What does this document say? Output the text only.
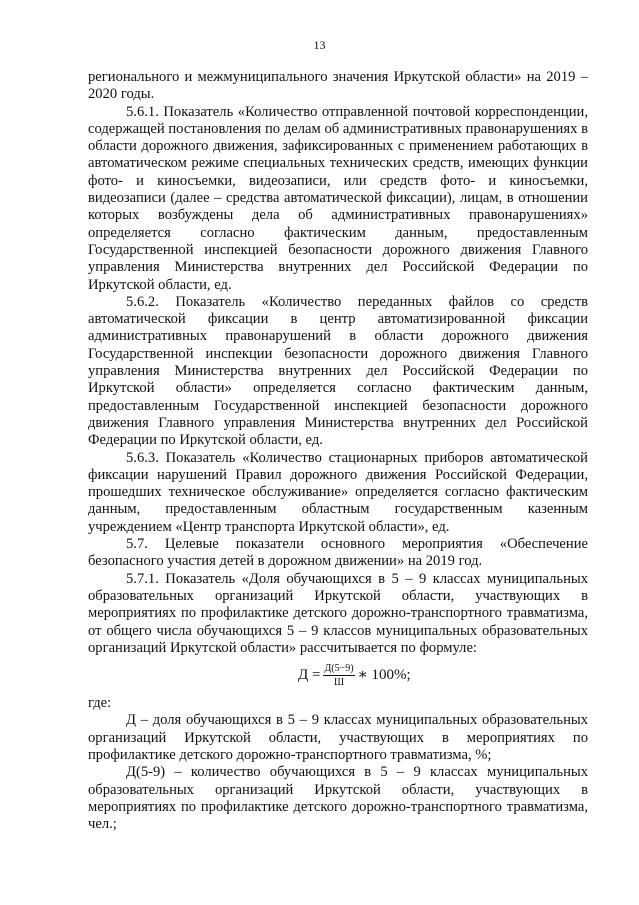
13

регионального и межмуниципального значения Иркутской области» на 2019 – 2020 годы.

5.6.1. Показатель «Количество отправленной почтовой корреспонденции, содержащей постановления по делам об административных правонарушениях в области дорожного движения, зафиксированных с применением работающих в автоматическом режиме специальных технических средств, имеющих функции фото- и киносъемки, видеозаписи, или средств фото- и киносъемки, видеозаписи (далее – средства автоматической фиксации), лицам, в отношении которых возбуждены дела об административных правонарушениях» определяется согласно фактическим данным, предоставленным Государственной инспекцией безопасности дорожного движения Главного управления Министерства внутренних дел Российской Федерации по Иркутской области, ед.

5.6.2. Показатель «Количество переданных файлов со средств автоматической фиксации в центр автоматизированной фиксации административных правонарушений в области дорожного движения Государственной инспекции безопасности дорожного движения Главного управления Министерства внутренних дел Российской Федерации по Иркутской области» определяется согласно фактическим данным, предоставленным Государственной инспекцией безопасности дорожного движения Главного управления Министерства внутренних дел Российской Федерации по Иркутской области, ед.

5.6.3. Показатель «Количество стационарных приборов автоматической фиксации нарушений Правил дорожного движения Российской Федерации, прошедших техническое обслуживание» определяется согласно фактическим данным, предоставленным областным государственным казенным учреждением «Центр транспорта Иркутской области», ед.

5.7. Целевые показатели основного мероприятия «Обеспечение безопасного участия детей в дорожном движении» на 2019 год.

5.7.1. Показатель «Доля обучающихся в 5 – 9 классах муниципальных образовательных организаций Иркутской области, участвующих в мероприятиях по профилактике детского дорожно-транспортного травматизма, от общего числа обучающихся 5 – 9 классов муниципальных образовательных организаций Иркутской области» рассчитывается по формуле:

$Д = \frac{Д(5-9)}{Ш}$ ∗ 100%;

где:

Д – доля обучающихся в 5 – 9 классах муниципальных образовательных организаций Иркутской области, участвующих в мероприятиях по профилактике детского дорожно-транспортного травматизма, %;

Д(5-9) – количество обучающихся в 5 – 9 классах муниципальных образовательных организаций Иркутской области, участвующих в мероприятиях по профилактике детского дорожно-транспортного травматизма, чел.;
